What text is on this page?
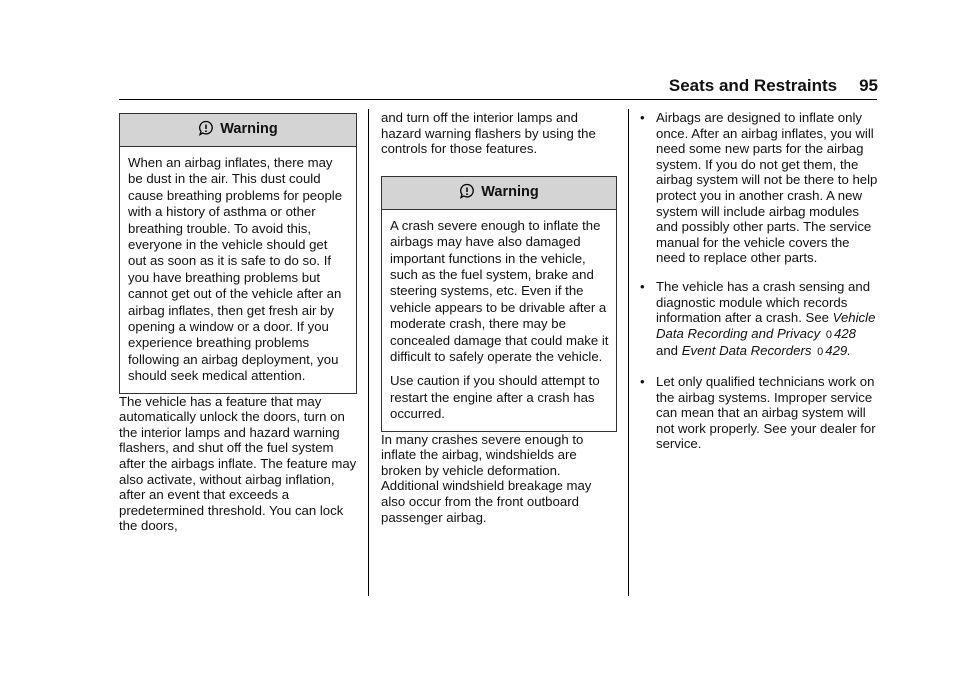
Seats and Restraints 95
Warning

When an airbag inflates, there may be dust in the air. This dust could cause breathing problems for people with a history of asthma or other breathing trouble. To avoid this, everyone in the vehicle should get out as soon as it is safe to do so. If you have breathing problems but cannot get out of the vehicle after an airbag inflates, then get fresh air by opening a window or a door. If you experience breathing problems following an airbag deployment, you should seek medical attention.

The vehicle has a feature that may automatically unlock the doors, turn on the interior lamps and hazard warning flashers, and shut off the fuel system after the airbags inflate. The feature may also activate, without airbag inflation, after an event that exceeds a predetermined threshold. You can lock the doors,

and turn off the interior lamps and hazard warning flashers by using the controls for those features.

Warning

A crash severe enough to inflate the airbags may have also damaged important functions in the vehicle, such as the fuel system, brake and steering systems, etc. Even if the vehicle appears to be drivable after a moderate crash, there may be concealed damage that could make it difficult to safely operate the vehicle.

Use caution if you should attempt to restart the engine after a crash has occurred.

In many crashes severe enough to inflate the airbag, windshields are broken by vehicle deformation. Additional windshield breakage may also occur from the front outboard passenger airbag.

• Airbags are designed to inflate only once. After an airbag inflates, you will need some new parts for the airbag system. If you do not get them, the airbag system will not be there to help protect you in another crash. A new system will include airbag modules and possibly other parts. The service manual for the vehicle covers the need to replace other parts.
• The vehicle has a crash sensing and diagnostic module which records information after a crash. See Vehicle Data Recording and Privacy 0 428 and Event Data Recorders 0 429.
• Let only qualified technicians work on the airbag systems. Improper service can mean that an airbag system will not work properly. See your dealer for service.
